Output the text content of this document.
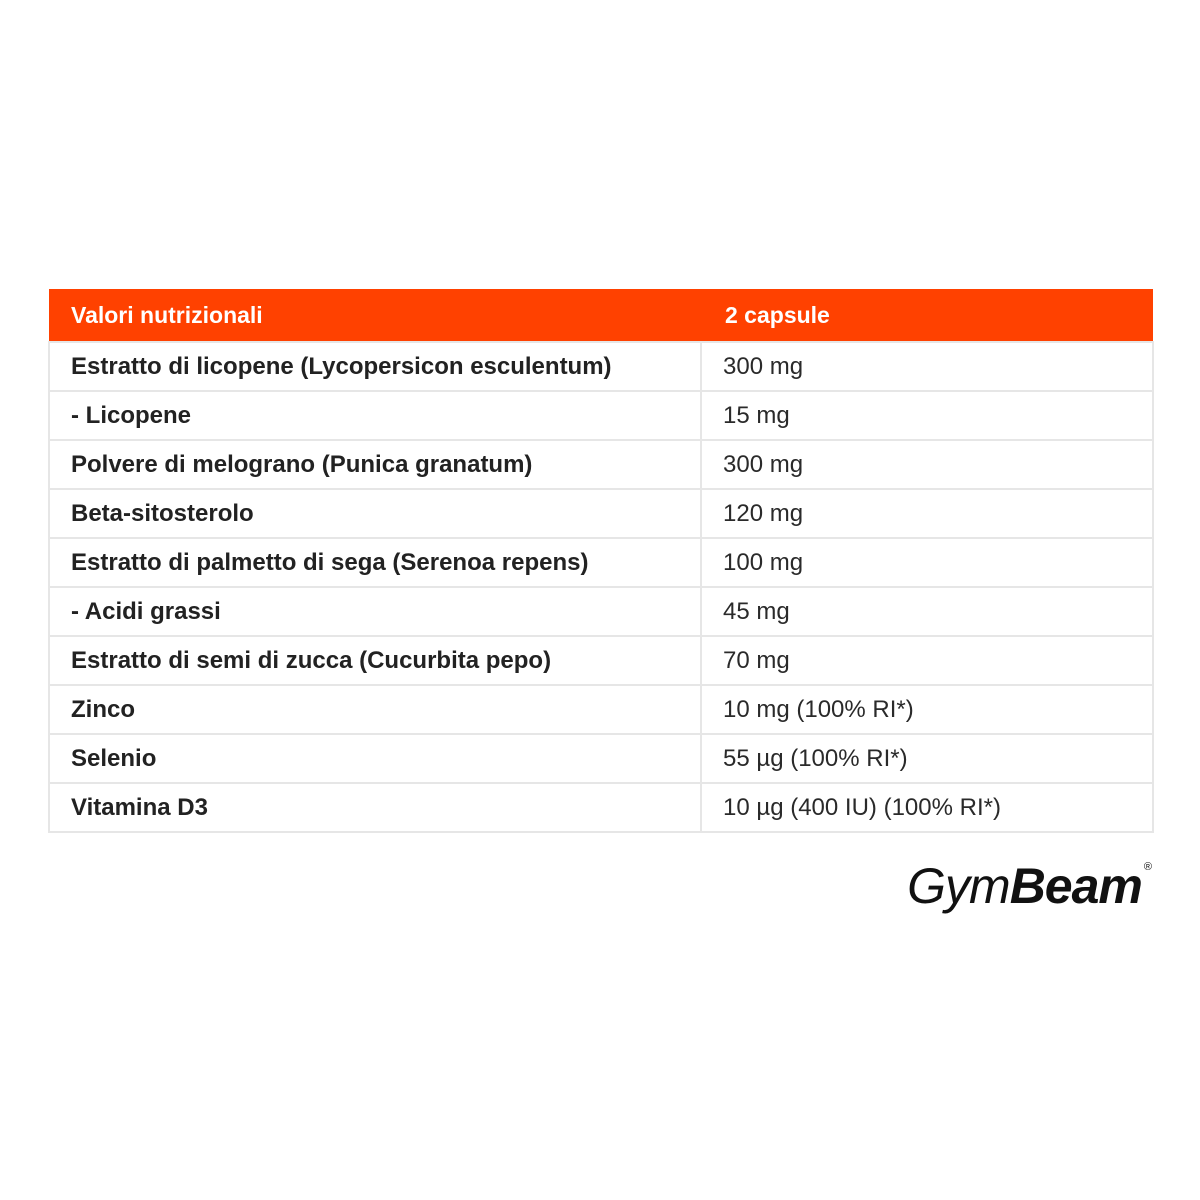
Valori nutrizionali	2 capsule
Estratto di licopene (Lycopersicon esculentum)	300 mg
- Licopene	15 mg
Polvere di melograno (Punica granatum)	300 mg
Beta-sitosterolo	120 mg
Estratto di palmetto di sega (Serenoa repens)	100 mg
- Acidi grassi	45 mg
Estratto di semi di zucca (Cucurbita pepo)	70 mg
Zinco	10 mg (100% RI*)
Selenio	55 µg (100% RI*)
Vitamina D3	10 µg (400 IU) (100% RI*)
Gym Beam ®
